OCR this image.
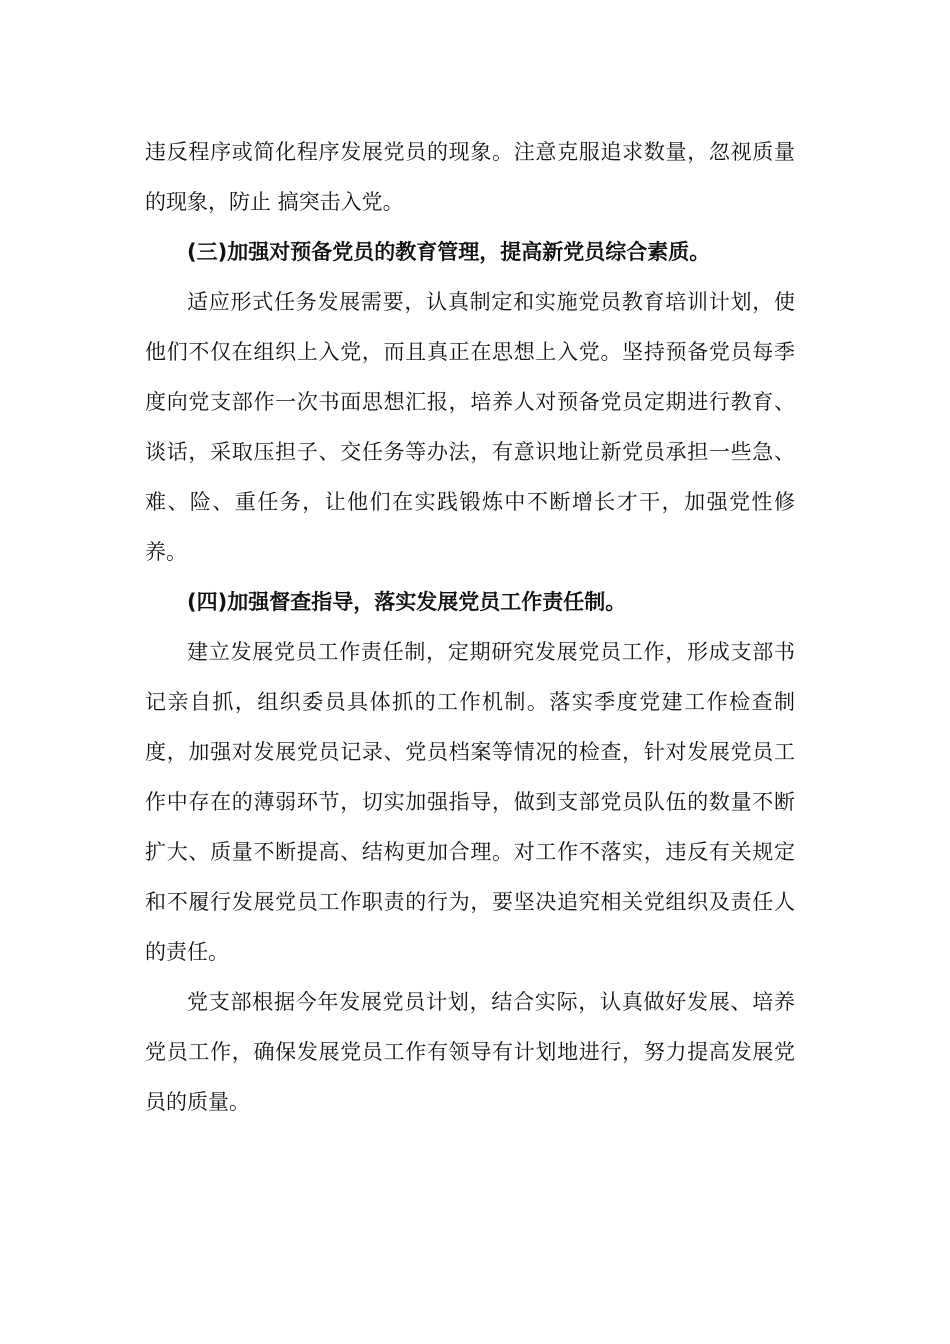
违反程序或简化程序发展党员的现象。注意克服追求数量，忽视质量的现象，防止 搞突击入党。

(三)加强对预备党员的教育管理，提高新党员综合素质。

适应形式任务发展需要，认真制定和实施党员教育培训计划，使他们不仅在组织上入党，而且真正在思想上入党。坚持预备党员每季度向党支部作一次书面思想汇报，培养人对预备党员定期进行教育、谈话，采取压担子、交任务等办法，有意识地让新党员承担一些急、难、险、重任务，让他们在实践锻炼中不断增长才干，加强党性修养。

(四)加强督查指导，落实发展党员工作责任制。

建立发展党员工作责任制，定期研究发展党员工作，形成支部书记亲自抓，组织委员具体抓的工作机制。落实季度党建工作检查制度，加强对发展党员记录、党员档案等情况的检查，针对发展党员工作中存在的薄弱环节，切实加强指导，做到支部党员队伍的数量不断扩大、质量不断提高、结构更加合理。对工作不落实，违反有关规定和不履行发展党员工作职责的行为，要坚决追究相关党组织及责任人的责任。

党支部根据今年发展党员计划，结合实际，认真做好发展、培养党员工作，确保发展党员工作有领导有计划地进行，努力提高发展党员的质量。
